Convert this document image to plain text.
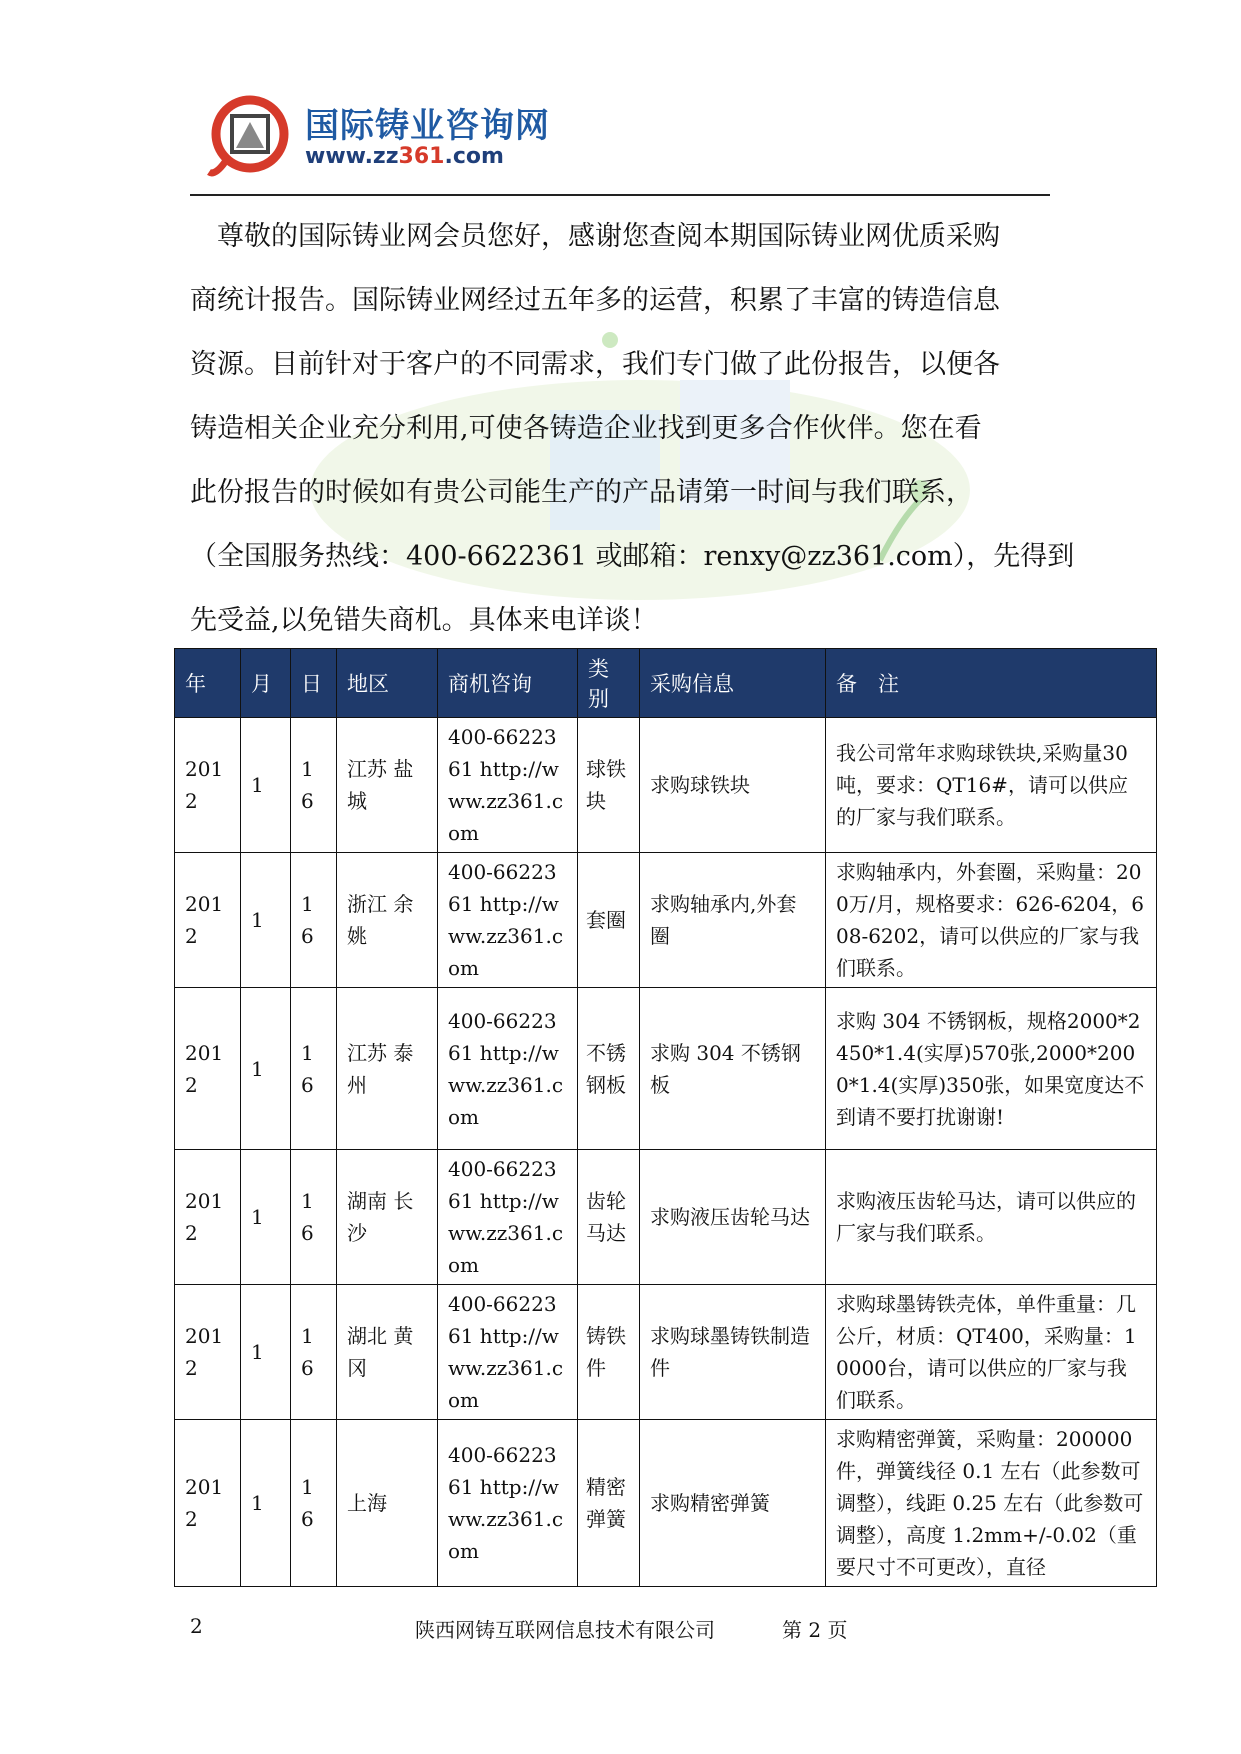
国际铸业咨询网
www.zz361.com
　尊敬的国际铸业网会员您好，感谢您查阅本期国际铸业网优质采购
商统计报告。国际铸业网经过五年多的运营，积累了丰富的铸造信息
资源。目前针对于客户的不同需求，我们专门做了此份报告，以便各
铸造相关企业充分利用,可使各铸造企业找到更多合作伙伴。您在看
此份报告的时候如有贵公司能生产的产品请第一时间与我们联系，
（全国服务热线：400-6622361 或邮箱：renxy@zz361.com），先得到
先受益,以免错失商机。具体来电详谈！
年	月	日	地区	商机咨询	类别	采购信息	备　注
2012	1	16	江苏 盐城	400-6622361 http://www.zz361.com	球铁块	求购球铁块	我公司常年求购球铁块,采购量30吨，要求：QT16#，请可以供应的厂家与我们联系。
2012	1	16	浙江 余姚	400-6622361 http://www.zz361.com	套圈	求购轴承内,外套圈	求购轴承内，外套圈，采购量：200万/月，规格要求：626-6204，608-6202，请可以供应的厂家与我们联系。
2012	1	16	江苏 泰州	400-6622361 http://www.zz361.com	不锈钢板	求购 304 不锈钢板	求购 304 不锈钢板，规格2000*2450*1.4(实厚)570张,2000*2000*1.4(实厚)350张，如果宽度达不到请不要打扰谢谢!
2012	1	16	湖南 长沙	400-6622361 http://www.zz361.com	齿轮马达	求购液压齿轮马达	求购液压齿轮马达，请可以供应的厂家与我们联系。
2012	1	16	湖北 黄冈	400-6622361 http://www.zz361.com	铸铁件	求购球墨铸铁制造件	求购球墨铸铁壳体，单件重量：几公斤，材质：QT400，采购量：10000台，请可以供应的厂家与我们联系。
2012	1	16	上海	400-6622361 http://www.zz361.com	精密弹簧	求购精密弹簧	求购精密弹簧，采购量：200000件，弹簧线径 0.1 左右（此参数可调整），线距 0.25 左右（此参数可调整），高度 1.2mm+/-0.02（重要尺寸不可更改），直径
2	陕西网铸互联网信息技术有限公司	第 2 页
